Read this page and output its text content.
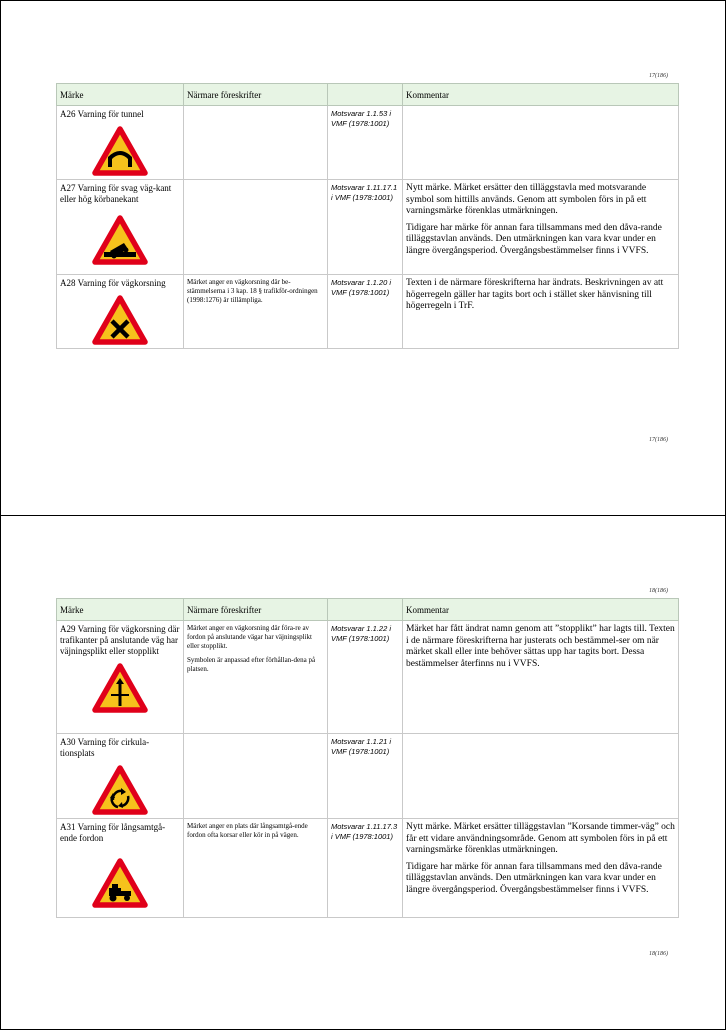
17(186)
Märke	Närmare föreskrifter		Kommentar

A26 Varning för tunnel		Motsvarar 1.1.53 i VMF (1978:1001)	

A27 Varning för svag väg-kant eller hög körbanekant		Motsvarar 1.11.17.1 i VMF (1978:1001)	Nytt märke. Märket ersätter den tilläggstavla med motsvarande symbol som hittills används. Genom att symbolen förs in på ett varningsmärke förenklas utmärkningen.

Tidigare har märke för annan fara tillsammans med den dåva-rande tilläggstavlan används. Den utmärkningen kan vara kvar under en längre övergångsperiod. Övergångsbestämmelser finns i VVFS.

A28 Varning för vägkorsning	Märket anger en vägkorsning där be-stämmelserna i 3 kap. 18 § trafikför-ordningen (1998:1276) är tillämpliga.	Motsvarar 1.1.20 i VMF (1978:1001)	Texten i de närmare föreskrifterna har ändrats. Beskrivningen av att högerregeln gäller har tagits bort och i stället sker hänvisning till högerregeln i TrF.

17(186)
18(186)
Märke	Närmare föreskrifter		Kommentar

A29 Varning för vägkorsning där trafikanter på anslutande väg har väjningsplikt eller stopplikt	Märket anger en vägkorsning där föra-re av fordon på anslutande vägar har väjningsplikt eller stopplikt.

Symbolen är anpassad efter förhållan-dena på platsen.	Motsvarar 1.1.22 i VMF (1978:1001)	Märket har fått ändrat namn genom att ”stopplikt” har lagts till. Texten i de närmare föreskrifterna har justerats och bestämmel-ser om när märket skall eller inte behöver sättas upp har tagits bort. Dessa bestämmelser återfinns nu i VVFS.

A30 Varning för cirkula-tionsplats		Motsvarar 1.1.21 i VMF (1978:1001)	

A31 Varning för långsamtgå-ende fordon	Märket anger en plats där långsamtgå-ende fordon ofta korsar eller kör in på vägen.	Motsvarar 1.11.17.3 i VMF (1978:1001)	Nytt märke. Märket ersätter tilläggstavlan ”Korsande timmer-väg” och får ett vidare användningsområde. Genom att symbolen förs in på ett varningsmärke förenklas utmärkningen.

Tidigare har märke för annan fara tillsammans med den dåva-rande tilläggstavlan används. Den utmärkningen kan vara kvar under en längre övergångsperiod. Övergångsbestämmelser finns i VVFS.

18(186)
